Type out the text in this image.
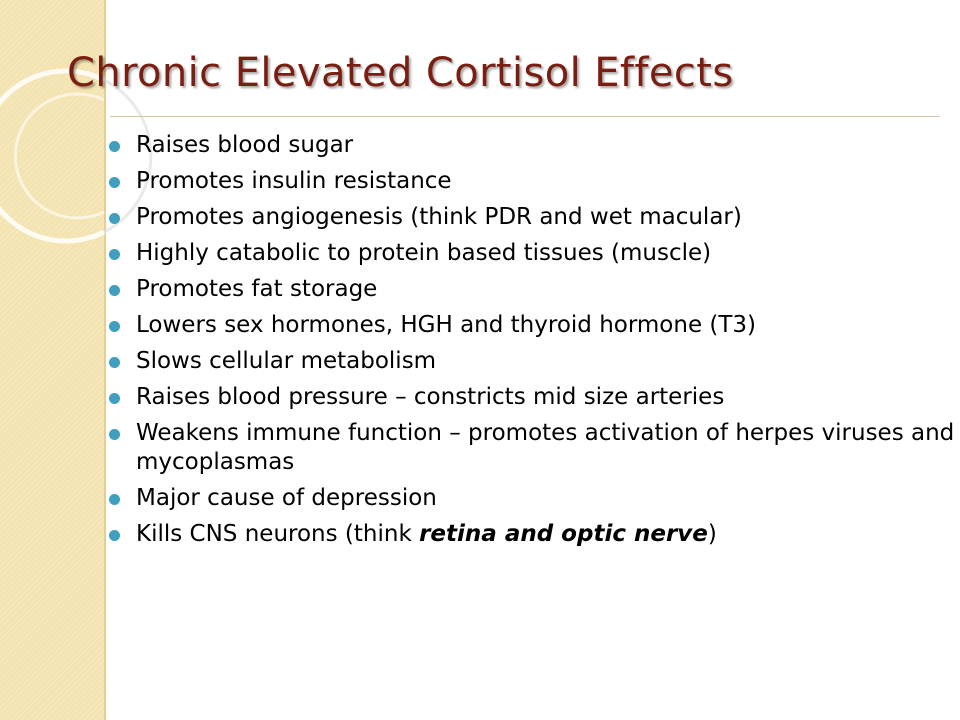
Chronic Elevated Cortisol Effects
Raises blood sugar
Promotes insulin resistance
Promotes angiogenesis (think PDR and wet macular)
Highly catabolic to protein based tissues (muscle)
Promotes fat storage
Lowers sex hormones, HGH and thyroid hormone (T3)
Slows cellular metabolism
Raises blood pressure – constricts mid size arteries
Weakens immune function – promotes activation of herpes viruses and mycoplasmas
Major cause of depression
Kills CNS neurons (think retina and optic nerve)
